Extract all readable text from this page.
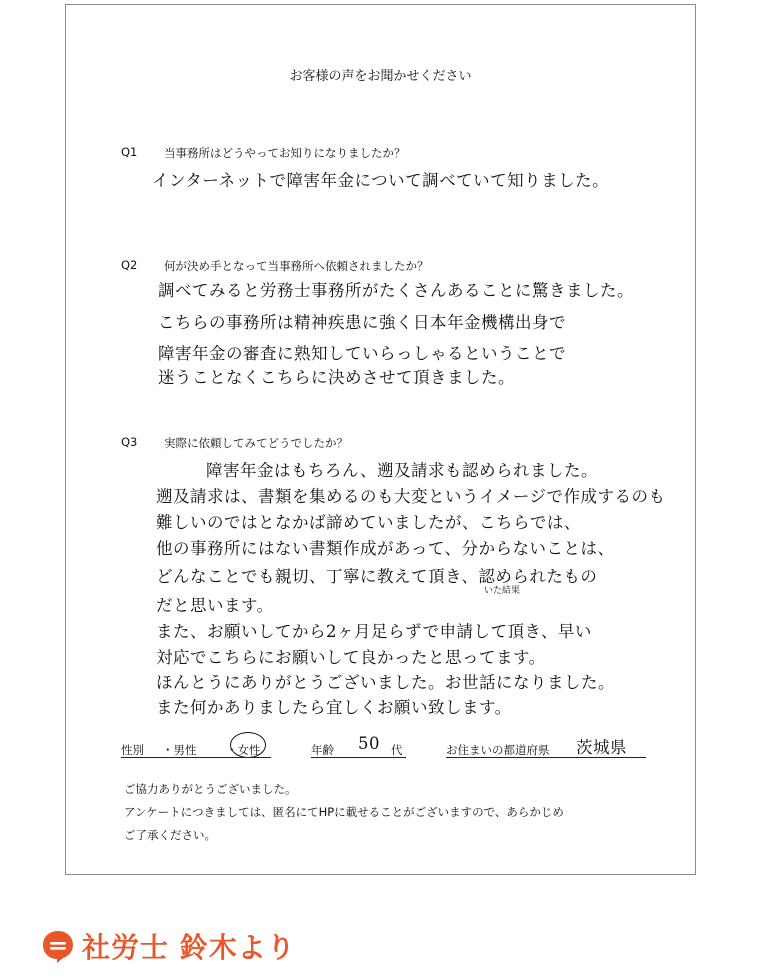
お客様の声をお聞かせください
Q1 当事務所はどうやってお知りになりましたか？
インターネットで障害年金について調べていて知りました。
Q2 何が決め手となって当事務所へ依頼されましたか？
調べてみると労務士事務所がたくさんあることに驚きました。
こちらの事務所は精神疾患に強く日本年金機構出身で
障害年金の審査に熟知していらっしゃるということで
迷うことなくこちらに決めさせて頂きました。
Q3 実際に依頼してみてどうでしたか？
障害年金はもちろん、遡及請求も認められました。
遡及請求は、書類を集めるのも大変というイメージで作成するのも
難しいのではとなかば諦めていましたが、こちらでは、
他の事務所にはない書類作成があって、分からないことは、
どんなことでも親切、丁寧に教えて頂き、認められたもの
いた結果
だと思います。
また、お願いしてから2ヶ月足らずで申請して頂き、早い
対応でこちらにお願いして良かったと思ってます。
ほんとうにありがとうございました。お世話になりました。
また何かありましたら宜しくお願い致します。
性別 ・男性	・女性	年齢 50 代	お住まいの都道府県 茨城県
ご協力ありがとうございました。
アンケートにつきましては、匿名にてHPに載せることがございますので、あらかじめ
ご了承ください。
社労士 鈴木より
